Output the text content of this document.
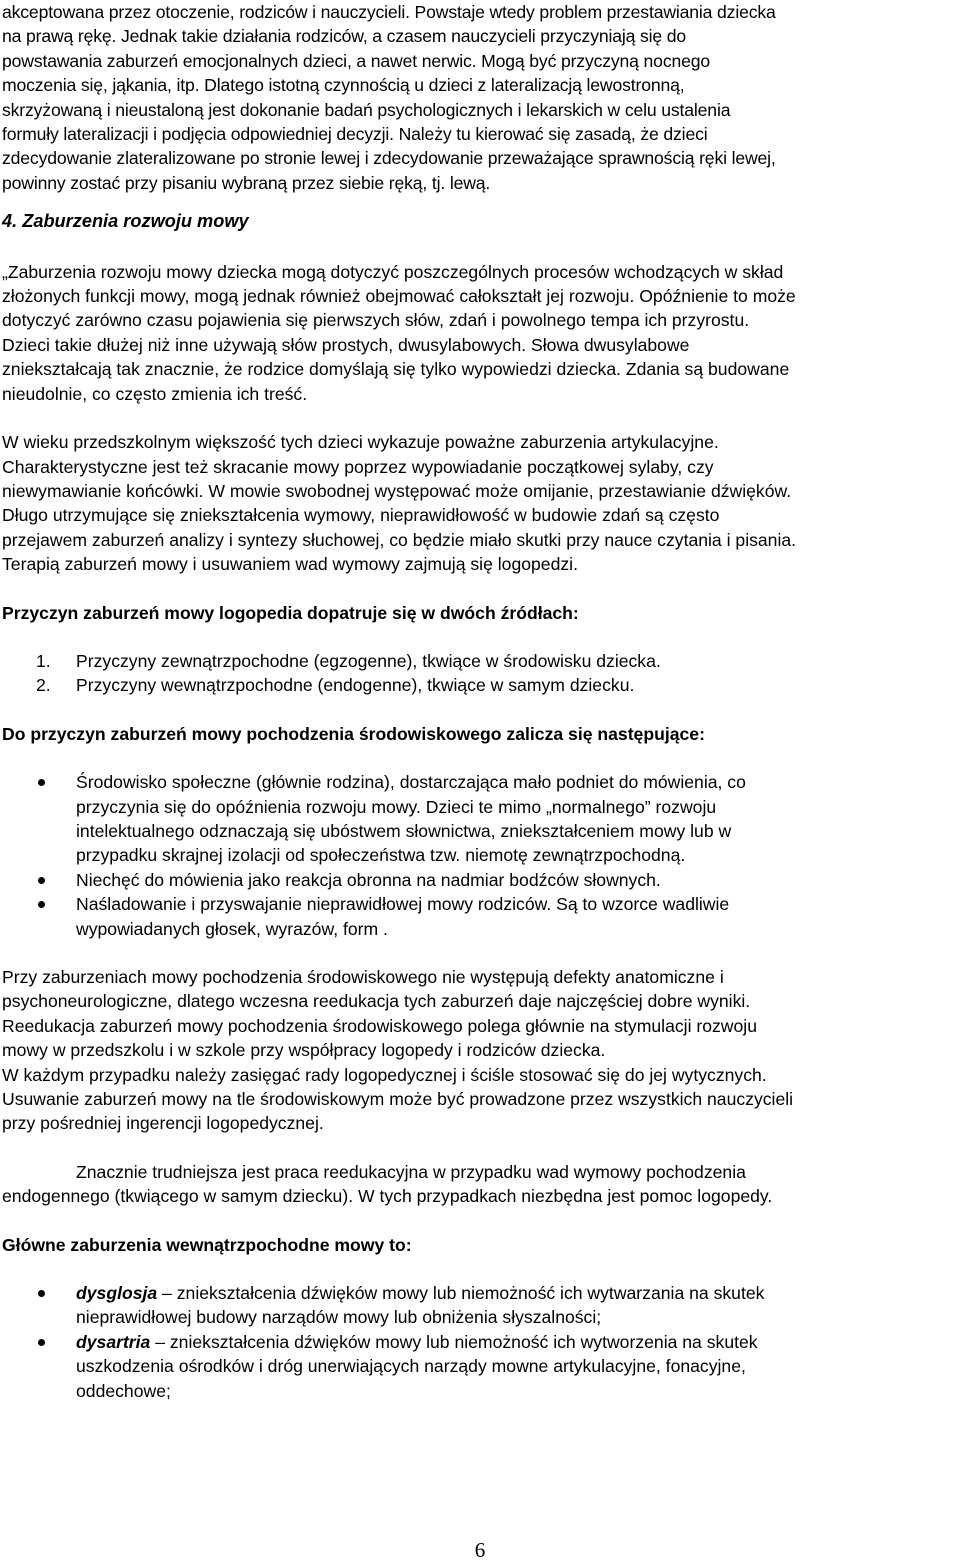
akceptowana przez otoczenie, rodziców i nauczycieli. Powstaje wtedy problem przestawiania dziecka
na prawą rękę. Jednak takie działania rodziców, a czasem nauczycieli przyczyniają się do
powstawania zaburzeń emocjonalnych dzieci, a nawet nerwic. Mogą być przyczyną nocnego
moczenia się, jąkania, itp. Dlatego istotną czynnością u dzieci z lateralizacją lewostronną,
skrzyżowaną i nieustaloną jest dokonanie badań psychologicznych i lekarskich w celu ustalenia
formuły lateralizacji i podjęcia odpowiedniej decyzji. Należy tu kierować się zasadą, że dzieci
zdecydowanie zlateralizowane po stronie lewej i zdecydowanie przeważające sprawnością ręki lewej,
powinny zostać przy pisaniu wybraną przez siebie ręką, tj. lewą.
4. Zaburzenia rozwoju mowy
„Zaburzenia rozwoju mowy dziecka mogą dotyczyć poszczególnych procesów wchodzących w skład
złożonych funkcji mowy, mogą jednak również obejmować całokształt jej rozwoju. Opóźnienie to może
dotyczyć zarówno czasu pojawienia się pierwszych słów, zdań i powolnego tempa ich przyrostu.
Dzieci takie dłużej niż inne używają słów prostych, dwusylabowych. Słowa dwusylabowe
zniekształcają tak znacznie, że rodzice domyślają się tylko wypowiedzi dziecka. Zdania są budowane
nieudolnie, co często zmienia ich treść.
W wieku przedszkolnym większość tych dzieci wykazuje poważne zaburzenia artykulacyjne.
Charakterystyczne jest też skracanie mowy poprzez wypowiadanie początkowej sylaby, czy
niewymawianie końcówki. W mowie swobodnej występować może omijanie, przestawianie dźwięków.
Długo utrzymujące się zniekształcenia wymowy, nieprawidłowość w budowie zdań są często
przejawem zaburzeń analizy i syntezy słuchowej, co będzie miało skutki przy nauce czytania i pisania.
Terapią zaburzeń mowy i usuwaniem wad wymowy zajmują się logopedzi.
Przyczyn zaburzeń mowy logopedia dopatruje się w dwóch źródłach:
1. Przyczyny zewnątrzpochodne (egzogenne), tkwiące w środowisku dziecka.
2. Przyczyny wewnątrzpochodne (endogenne), tkwiące w samym dziecku.
Do przyczyn zaburzeń mowy pochodzenia środowiskowego zalicza się następujące:
Środowisko społeczne (głównie rodzina), dostarczająca mało podniet do mówienia, co
przyczynia się do opóźnienia rozwoju mowy. Dzieci te mimo „normalnego” rozwoju
intelektualnego odznaczają się ubóstwem słownictwa, zniekształceniem mowy lub w
przypadku skrajnej izolacji od społeczeństwa tzw. niemotę zewnątrzpochodną.
Niechęć do mówienia jako reakcja obronna na nadmiar bodźców słownych.
Naśladowanie i przyswajanie nieprawidłowej mowy rodziców. Są to wzorce wadliwie
wypowiadanych głosek, wyrazów, form .
Przy zaburzeniach mowy pochodzenia środowiskowego nie występują defekty anatomiczne i
psychoneurologiczne, dlatego wczesna reedukacja tych zaburzeń daje najczęściej dobre wyniki.
Reedukacja zaburzeń mowy pochodzenia środowiskowego polega głównie na stymulacji rozwoju
mowy w przedszkolu i w szkole przy współpracy logopedy i rodziców dziecka.
W każdym przypadku należy zasięgać rady logopedycznej i ściśle stosować się do jej wytycznych.
Usuwanie zaburzeń mowy na tle środowiskowym może być prowadzone przez wszystkich nauczycieli
przy pośredniej ingerencji logopedycznej.
Znacznie trudniejsza jest praca reedukacyjna w przypadku wad wymowy pochodzenia
endogennego (tkwiącego w samym dziecku). W tych przypadkach niezbędna jest pomoc logopedy.
Główne zaburzenia wewnątrzpochodne mowy to:
dysglosja – zniekształcenia dźwięków mowy lub niemożność ich wytwarzania na skutek
nieprawidłowej budowy narządów mowy lub obniżenia słyszalności;
dysartria – zniekształcenia dźwięków mowy lub niemożność ich wytworzenia na skutek
uszkodzenia ośrodków i dróg unerwiających narządy mowne artykulacyjne, fonacyjne,
oddechowe;
6
